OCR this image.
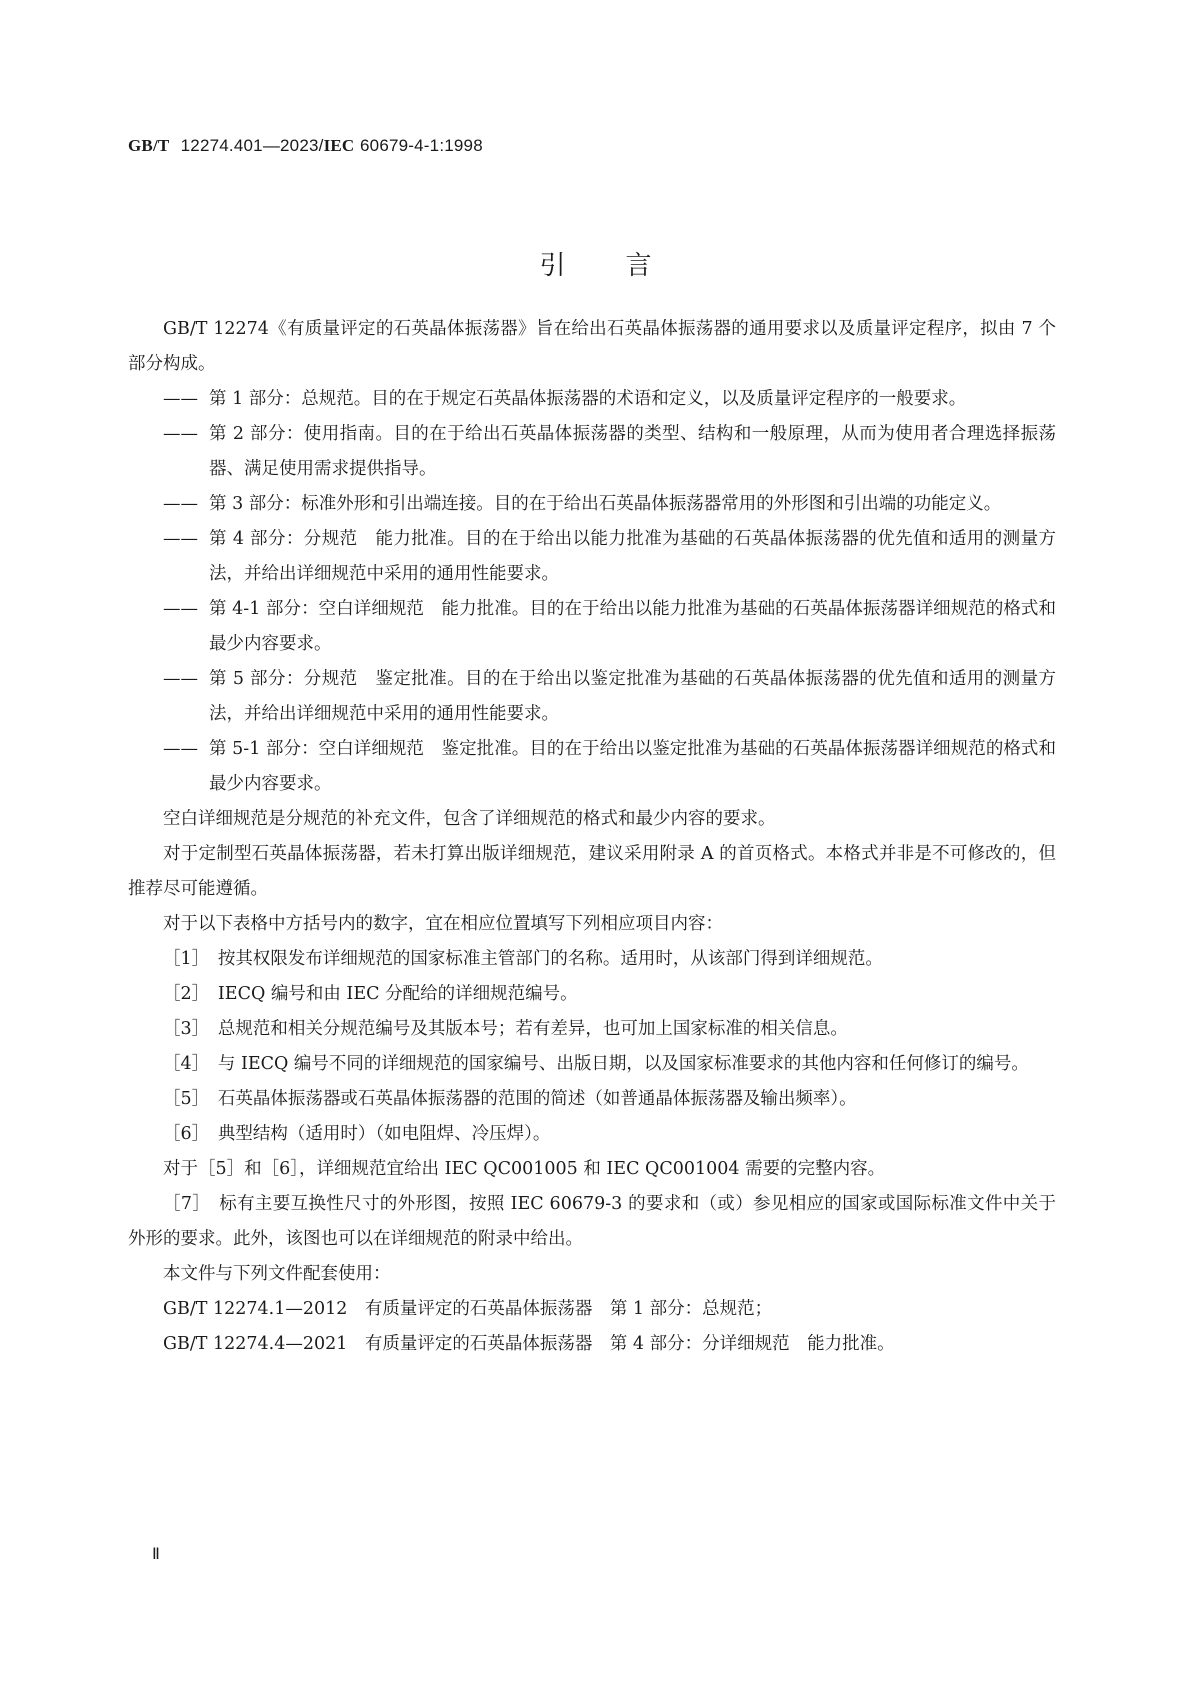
GB/T 12274.401—2023/IEC 60679-4-1:1998
引言

GB/T 12274《有质量评定的石英晶体振荡器》旨在给出石英晶体振荡器的通用要求以及质量评定程序，拟由 7 个部分构成。

—— 第 1 部分：总规范。目的在于规定石英晶体振荡器的术语和定义，以及质量评定程序的一般要求。
—— 第 2 部分：使用指南。目的在于给出石英晶体振荡器的类型、结构和一般原理，从而为使用者合理选择振荡器、满足使用需求提供指导。
—— 第 3 部分：标准外形和引出端连接。目的在于给出石英晶体振荡器常用的外形图和引出端的功能定义。
—— 第 4 部分：分规范　能力批准。目的在于给出以能力批准为基础的石英晶体振荡器的优先值和适用的测量方法，并给出详细规范中采用的通用性能要求。
—— 第 4-1 部分：空白详细规范　能力批准。目的在于给出以能力批准为基础的石英晶体振荡器详细规范的格式和最少内容要求。
—— 第 5 部分：分规范　鉴定批准。目的在于给出以鉴定批准为基础的石英晶体振荡器的优先值和适用的测量方法，并给出详细规范中采用的通用性能要求。
—— 第 5-1 部分：空白详细规范　鉴定批准。目的在于给出以鉴定批准为基础的石英晶体振荡器详细规范的格式和最少内容要求。

空白详细规范是分规范的补充文件，包含了详细规范的格式和最少内容的要求。

对于定制型石英晶体振荡器，若未打算出版详细规范，建议采用附录 A 的首页格式。本格式并非是不可修改的，但推荐尽可能遵循。

对于以下表格中方括号内的数字，宜在相应位置填写下列相应项目内容：

［1］　按其权限发布详细规范的国家标准主管部门的名称。适用时，从该部门得到详细规范。

［2］　IECQ 编号和由 IEC 分配给的详细规范编号。

［3］　总规范和相关分规范编号及其版本号；若有差异，也可加上国家标准的相关信息。

［4］　与 IECQ 编号不同的详细规范的国家编号、出版日期，以及国家标准要求的其他内容和任何修订的编号。

［5］　石英晶体振荡器或石英晶体振荡器的范围的简述（如普通晶体振荡器及输出频率）。

［6］　典型结构（适用时）（如电阻焊、冷压焊）。

对于［5］和［6］，详细规范宜给出 IEC QC001005 和 IEC QC001004 需要的完整内容。

［7］　标有主要互换性尺寸的外形图，按照 IEC 60679-3 的要求和（或）参见相应的国家或国际标准文件中关于外形的要求。此外，该图也可以在详细规范的附录中给出。

本文件与下列文件配套使用：

GB/T 12274.1—2012　有质量评定的石英晶体振荡器　第 1 部分：总规范；

GB/T 12274.4—2021　有质量评定的石英晶体振荡器　第 4 部分：分详细规范　能力批准。

Ⅱ
